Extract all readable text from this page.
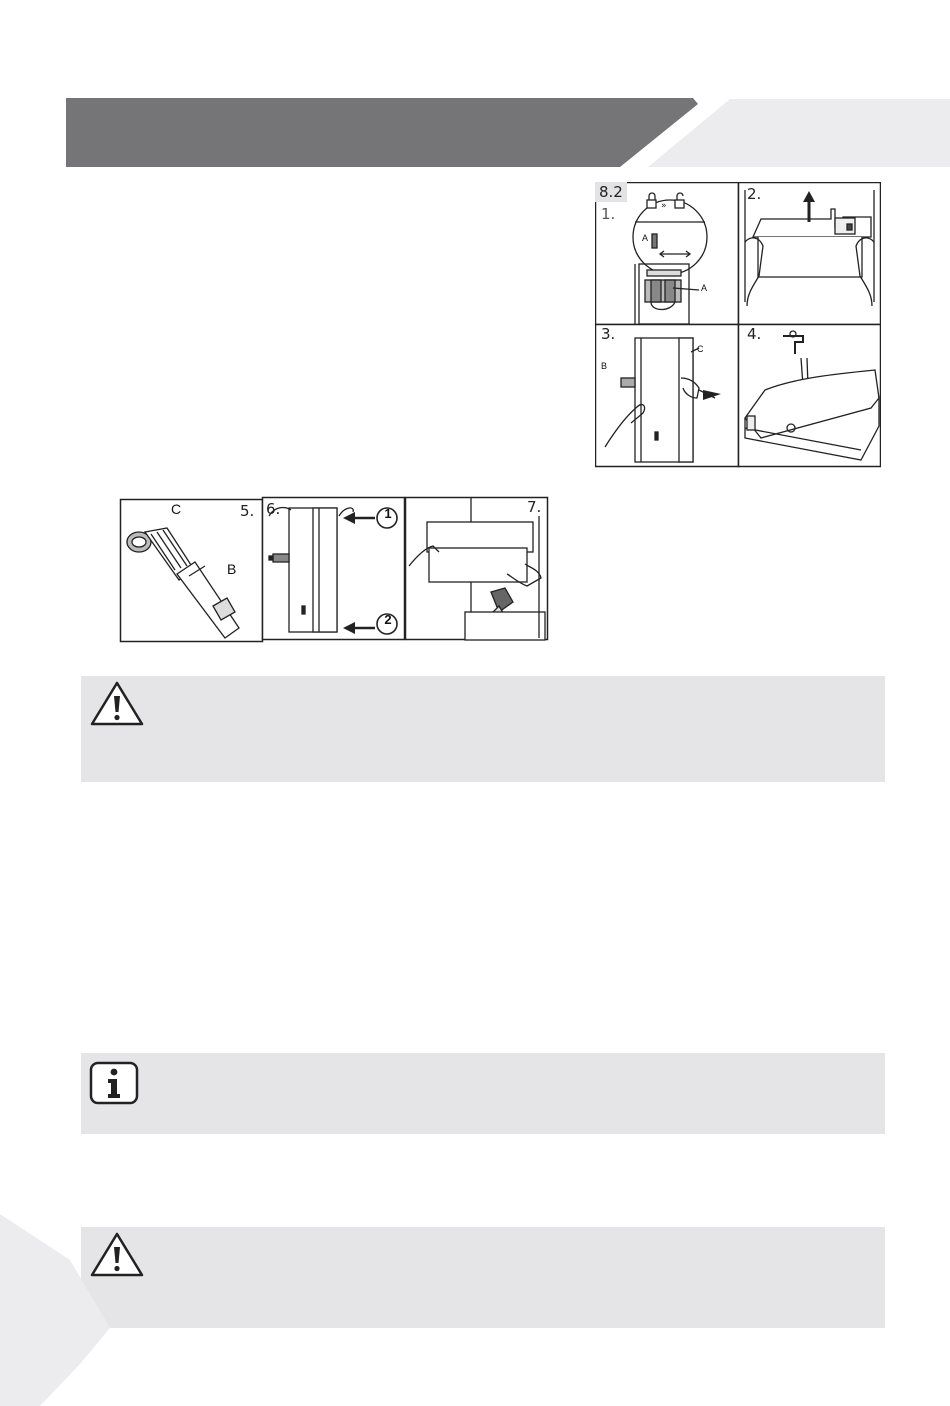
»
8.2
1.
A
A
2.
3.
B
C
4.
5.
C
B
6.	1
2
7.
